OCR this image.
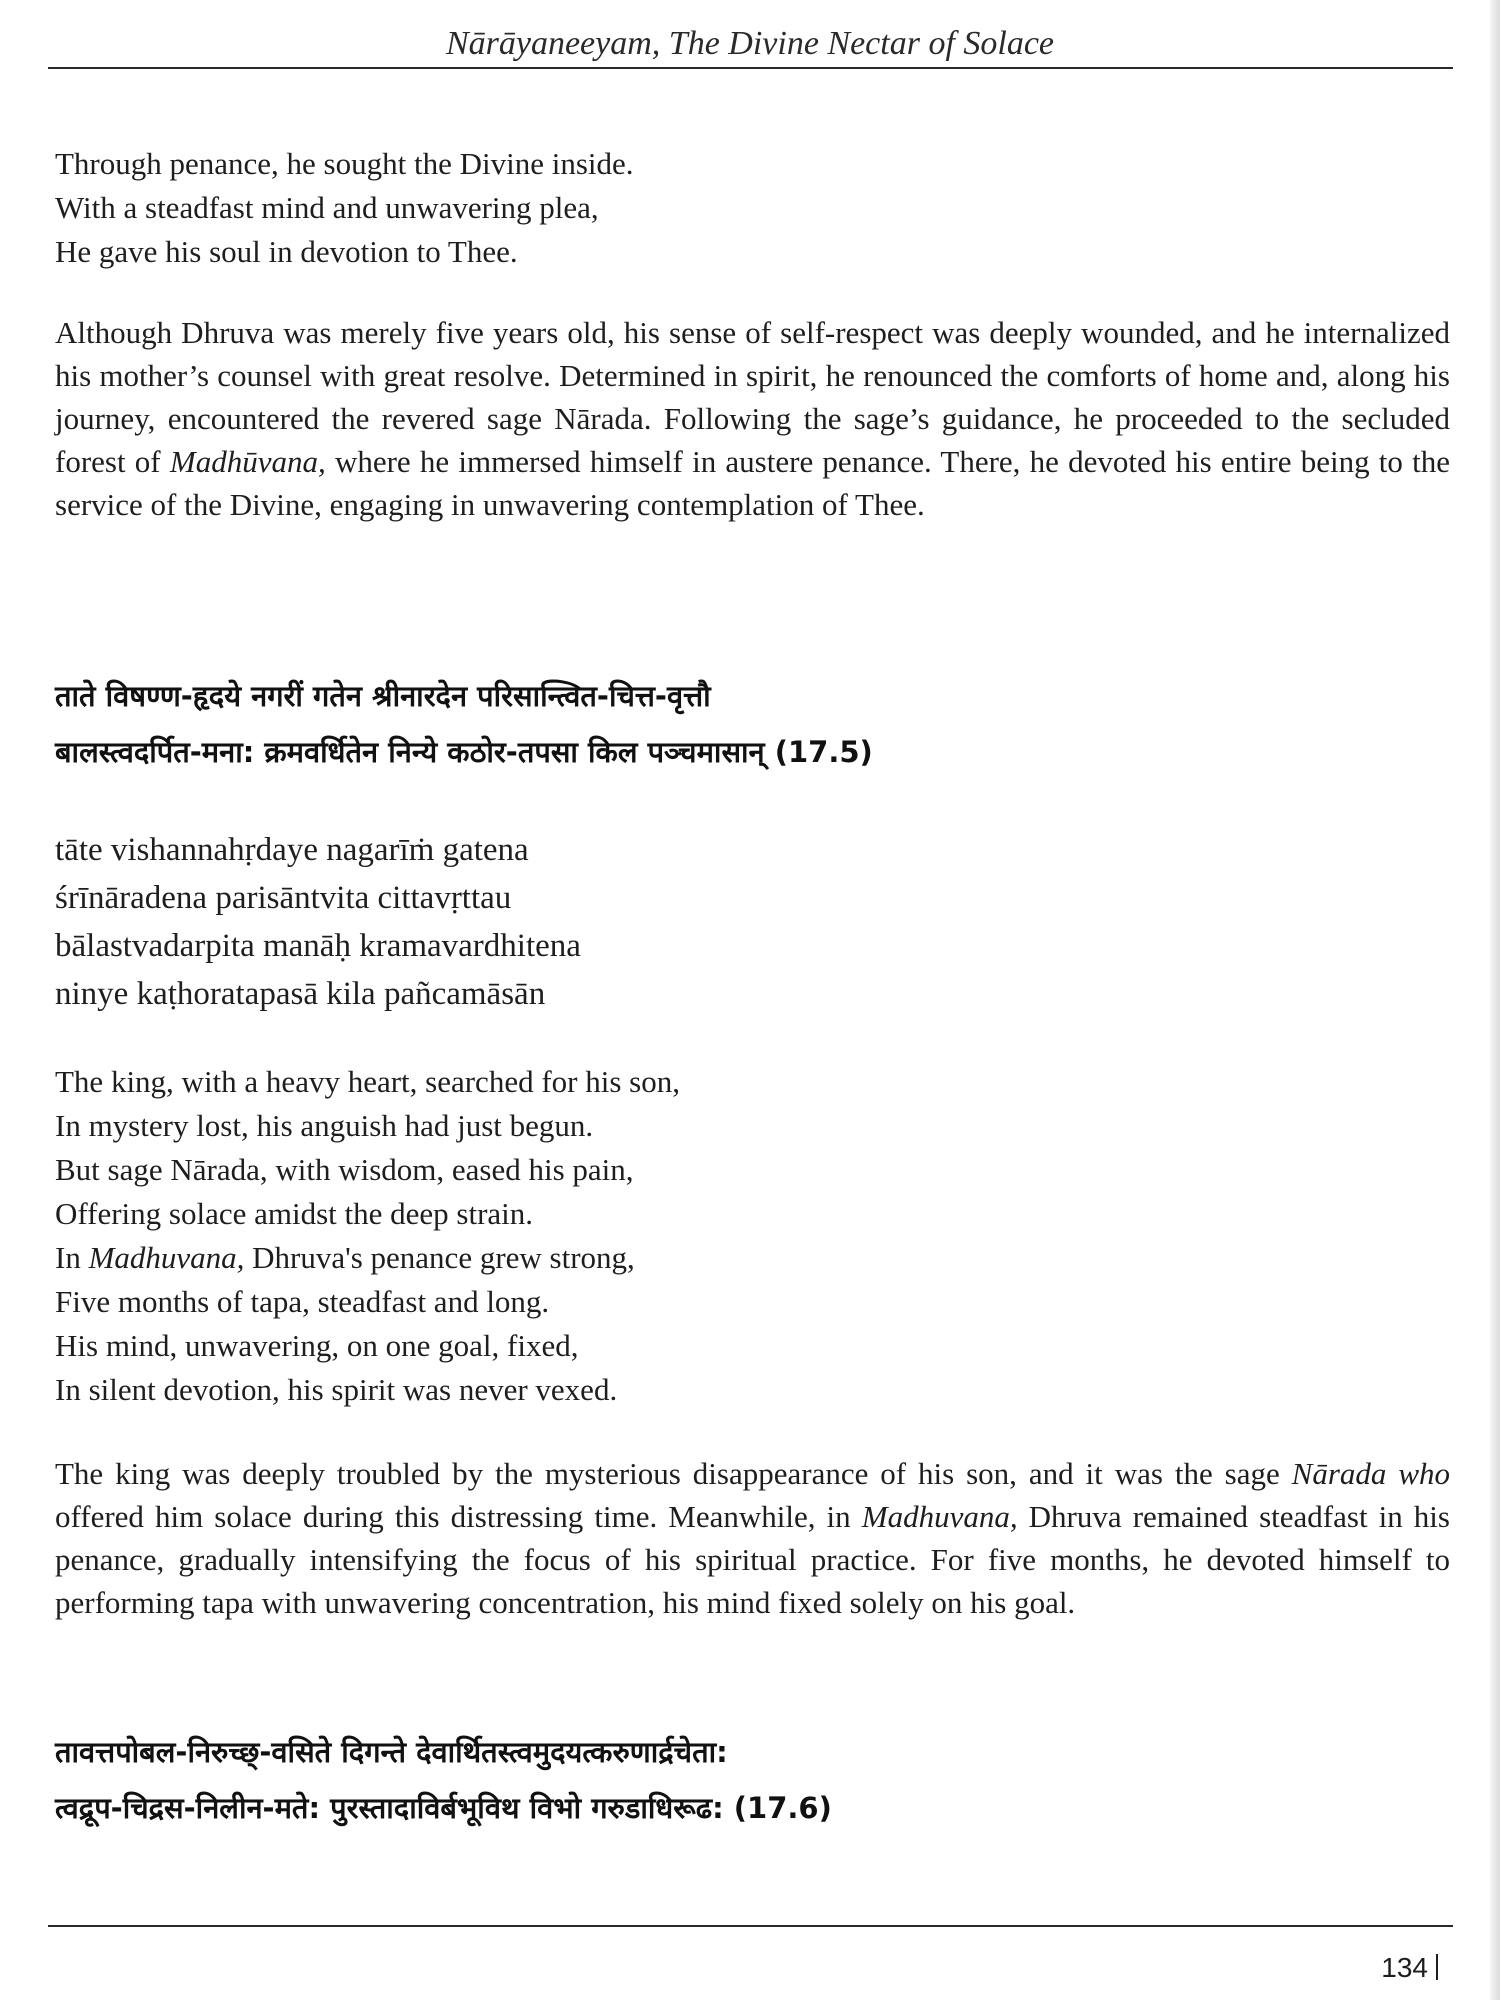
Nārāyaneeyam, The Divine Nectar of Solace
Through penance, he sought the Divine inside.
With a steadfast mind and unwavering plea,
He gave his soul in devotion to Thee.
Although Dhruva was merely five years old, his sense of self-respect was deeply wounded, and he internalized his mother’s counsel with great resolve. Determined in spirit, he renounced the comforts of home and, along his journey, encountered the revered sage Nārada. Following the sage’s guidance, he proceeded to the secluded forest of Madhūvana, where he immersed himself in austere penance. There, he devoted his entire being to the service of the Divine, engaging in unwavering contemplation of Thee.
ताते विषण्ण-हृदये नगरीं गतेन श्रीनारदेन परिसान्त्वित-चित्त-वृत्तौ
बालस्त्वदर्पित-मना: क्रमवर्धितेन निन्ये कठोर-तपसा किल पञ्चमासान् (17.5)
tāte vishannahṛdaye nagarīṁ gatena
śrīnāradena parisāntvita cittavṛttau
bālastvadarpita manāḥ kramavardhitena
ninye kaṭhoratapasā kila pañcamāsān
The king, with a heavy heart, searched for his son,
In mystery lost, his anguish had just begun.
But sage Nārada, with wisdom, eased his pain,
Offering solace amidst the deep strain.
In Madhuvana, Dhruva's penance grew strong,
Five months of tapa, steadfast and long.
His mind, unwavering, on one goal, fixed,
In silent devotion, his spirit was never vexed.
The king was deeply troubled by the mysterious disappearance of his son, and it was the sage Nārada who offered him solace during this distressing time. Meanwhile, in Madhuvana, Dhruva remained steadfast in his penance, gradually intensifying the focus of his spiritual practice. For five months, he devoted himself to performing tapa with unwavering concentration, his mind fixed solely on his goal.
तावत्तपोबल-निरुच्छ्-वसिते दिगन्ते देवार्थितस्त्वमुदयत्करुणार्द्रचेता:
त्वद्रूप-चिद्रस-निलीन-मते: पुरस्तादाविर्बभूविथ विभो गरुडाधिरूढ: (17.6)
134
